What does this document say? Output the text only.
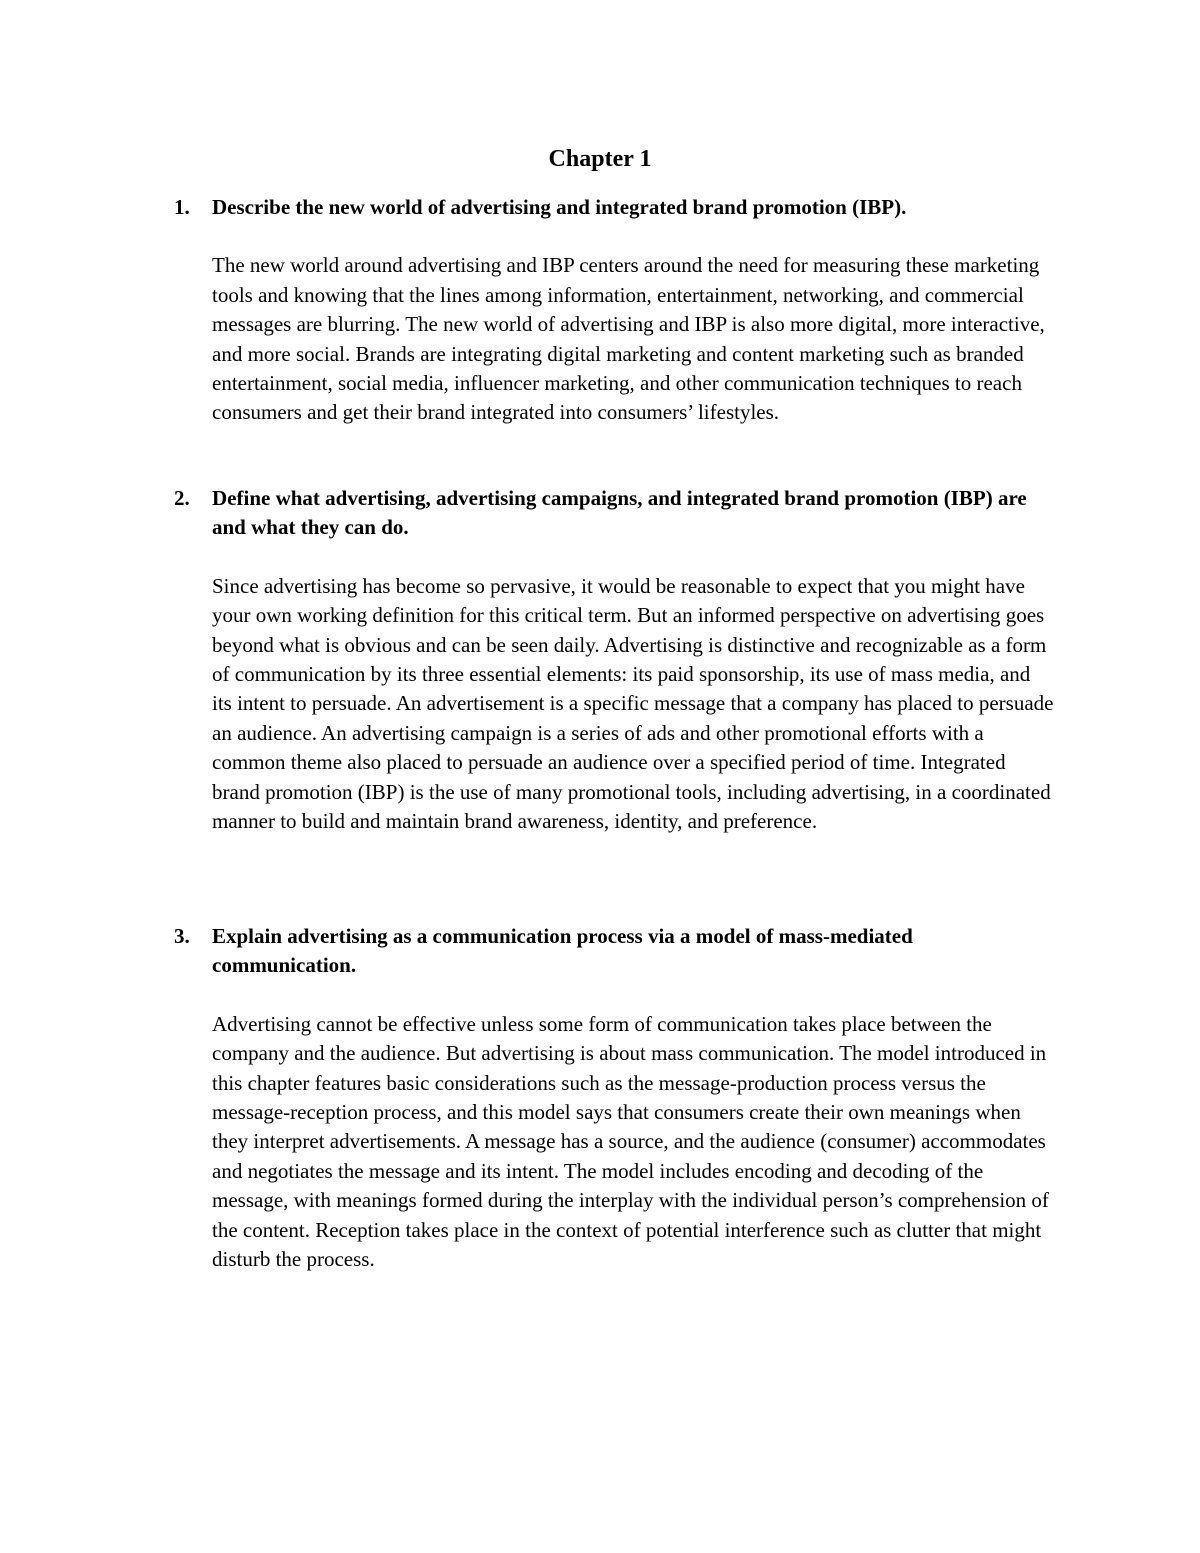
Chapter 1
1. Describe the new world of advertising and integrated brand promotion (IBP).

The new world around advertising and IBP centers around the need for measuring these marketing tools and knowing that the lines among information, entertainment, networking, and commercial messages are blurring. The new world of advertising and IBP is also more digital, more interactive, and more social. Brands are integrating digital marketing and content marketing such as branded entertainment, social media, influencer marketing, and other communication techniques to reach consumers and get their brand integrated into consumers’ lifestyles.

2. Define what advertising, advertising campaigns, and integrated brand promotion (IBP) are and what they can do.

Since advertising has become so pervasive, it would be reasonable to expect that you might have your own working definition for this critical term. But an informed perspective on advertising goes beyond what is obvious and can be seen daily. Advertising is distinctive and recognizable as a form of communication by its three essential elements: its paid sponsorship, its use of mass media, and its intent to persuade. An advertisement is a specific message that a company has placed to persuade an audience. An advertising campaign is a series of ads and other promotional efforts with a common theme also placed to persuade an audience over a specified period of time. Integrated brand promotion (IBP) is the use of many promotional tools, including advertising, in a coordinated manner to build and maintain brand awareness, identity, and preference.

3. Explain advertising as a communication process via a model of mass-mediated communication.

Advertising cannot be effective unless some form of communication takes place between the company and the audience. But advertising is about mass communication. The model introduced in this chapter features basic considerations such as the message-production process versus the message-reception process, and this model says that consumers create their own meanings when they interpret advertisements. A message has a source, and the audience (consumer) accommodates and negotiates the message and its intent. The model includes encoding and decoding of the message, with meanings formed during the interplay with the individual person’s comprehension of the content. Reception takes place in the context of potential interference such as clutter that might disturb the process.
